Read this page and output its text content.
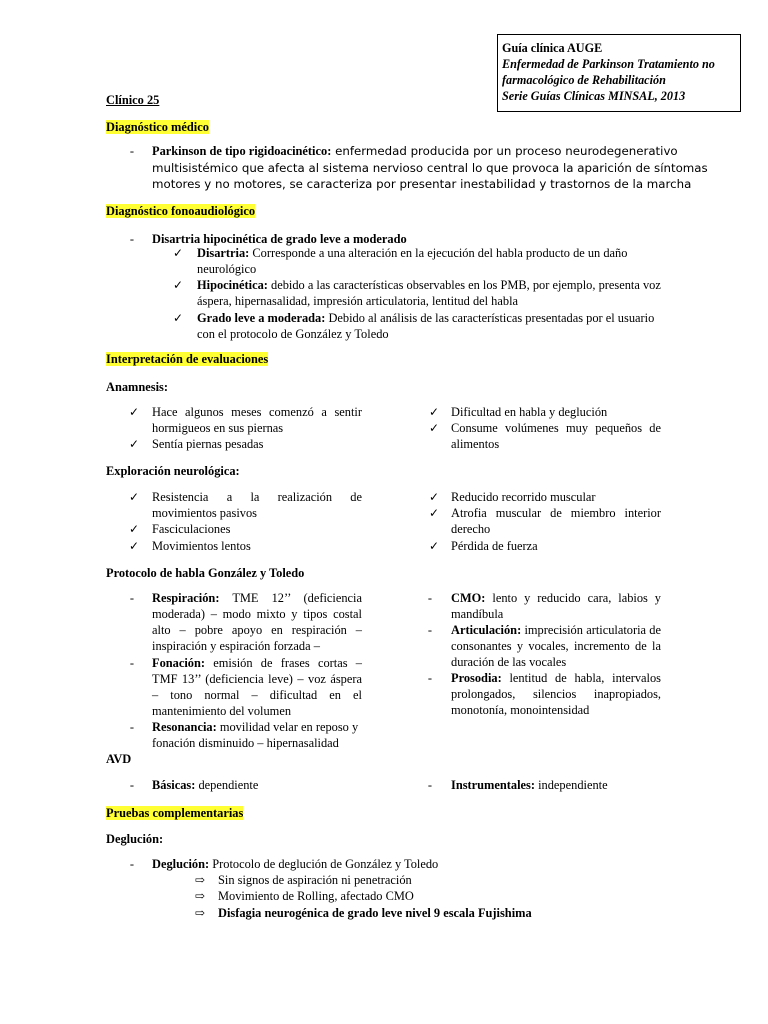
Guía clínica AUGE
Enfermedad de Parkinson Tratamiento no
farmacológico de Rehabilitación
Serie Guías Clínicas MINSAL, 2013
Clínico 25
Diagnóstico médico
-	Parkinson de tipo rigidoacinético: enfermedad producida por un proceso neurodegenerativo
multisistémico que afecta al sistema nervioso central lo que provoca la aparición de síntomas
motores y no motores, se caracteriza por presentar inestabilidad y trastornos de la marcha
Diagnóstico fonoaudiológico
-	Disartria hipocinética de grado leve a moderado
✓ Disartria: Corresponde a una alteración en la ejecución del habla producto de un daño
neurológico
✓ Hipocinética: debido a las características observables en los PMB, por ejemplo, presenta voz
áspera, hipernasalidad, impresión articulatoria, lentitud del habla
✓ Grado leve a moderada: Debido al análisis de las características presentadas por el usuario
con el protocolo de González y Toledo
Interpretación de evaluaciones
Anamnesis:
✓ Hace algunos meses comenzó a sentir
hormigueos en sus piernas
✓ Sentía piernas pesadas
✓ Dificultad en habla y deglución
✓ Consume volúmenes muy pequeños de
alimentos
Exploración neurológica:
✓ Resistencia a la realización de
movimientos pasivos
✓ Fasciculaciones
✓ Movimientos lentos
✓ Reducido recorrido muscular
✓ Atrofia muscular de miembro interior
derecho
✓ Pérdida de fuerza
Protocolo de habla González y Toledo
-	Respiración: TME 12’’ (deficiencia
moderada) – modo mixto y tipos costal
alto – pobre apoyo en respiración –
inspiración y espiración forzada –
-	Fonación: emisión de frases cortas –
TMF 13’’ (deficiencia leve) – voz áspera
– tono normal – dificultad en el
mantenimiento del volumen
-	Resonancia: movilidad velar en reposo y
fonación disminuido – hipernasalidad
-	CMO: lento y reducido cara, labios y
mandíbula
-	Articulación: imprecisión articulatoria de
consonantes y vocales, incremento de la
duración de las vocales
-	Prosodia: lentitud de habla, intervalos
prolongados, silencios inapropiados,
monotonía, monointensidad
AVD
-	Básicas: dependiente	-	Instrumentales: independiente
Pruebas complementarias
Deglución:
-	Deglución: Protocolo de deglución de González y Toledo
⇨ Sin signos de aspiración ni penetración
⇨ Movimiento de Rolling, afectado CMO
⇨ Disfagia neurogénica de grado leve nivel 9 escala Fujishima
